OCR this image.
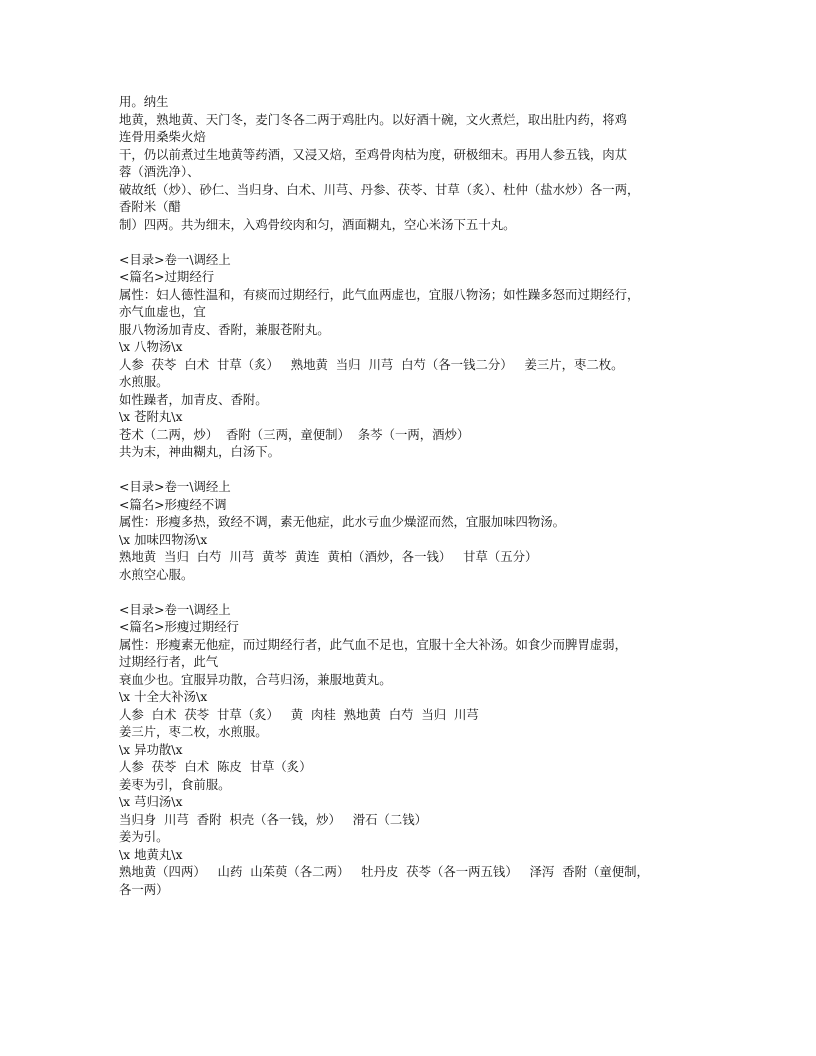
用。纳生
地黄，熟地黄、天门冬，麦门冬各二两于鸡肚内。以好酒十碗，文火煮烂，取出肚内药，将鸡
连骨用桑柴火焙
干，仍以前煮过生地黄等药酒，又浸又焙，至鸡骨肉枯为度，研极细末。再用人参五钱，肉苁
蓉（酒洗净）、
破故纸（炒）、砂仁、当归身、白术、川芎、丹参、茯苓、甘草（炙）、杜仲（盐水炒）各一两，
香附米（醋
制）四两。共为细末，入鸡骨绞肉和匀，酒面糊丸，空心米汤下五十丸。
<目录>卷一\调经上
<篇名>过期经行
属性：妇人德性温和，有痰而过期经行，此气血两虚也，宜服八物汤；如性躁多怒而过期经行，
亦气血虚也，宜
服八物汤加青皮、香附，兼服苍附丸。
\x 八物汤\x
人参  茯苓  白术  甘草（炙）   熟地黄  当归  川芎  白芍（各一钱二分）   姜三片，枣二枚。
水煎服。
如性躁者，加青皮、香附。
\x 苍附丸\x
苍术（二两，炒）  香附（三两，童便制）  条芩（一两，酒炒）
共为末，神曲糊丸，白汤下。
<目录>卷一\调经上
<篇名>形瘦经不调
属性：形瘦多热，致经不调，素无他症，此水亏血少燥涩而然，宜服加味四物汤。
\x 加味四物汤\x
熟地黄  当归  白芍  川芎  黄芩  黄连  黄柏（酒炒，各一钱）   甘草（五分）
水煎空心服。
<目录>卷一\调经上
<篇名>形瘦过期经行
属性：形瘦素无他症，而过期经行者，此气血不足也，宜服十全大补汤。如食少而脾胃虚弱，
过期经行者，此气
衰血少也。宜服异功散，合芎归汤，兼服地黄丸。
\x 十全大补汤\x
人参  白术  茯苓  甘草（炙）   黄  肉桂  熟地黄  白芍  当归  川芎
姜三片，枣二枚，水煎服。
\x 异功散\x
人参  茯苓  白术  陈皮  甘草（炙）
姜枣为引，食前服。
\x 芎归汤\x
当归身  川芎  香附  枳壳（各一钱，炒）   滑石（二钱）
姜为引。
\x 地黄丸\x
熟地黄（四两）   山药  山茱萸（各二两）   牡丹皮  茯苓（各一两五钱）   泽泻  香附（童便制，
各一两）
